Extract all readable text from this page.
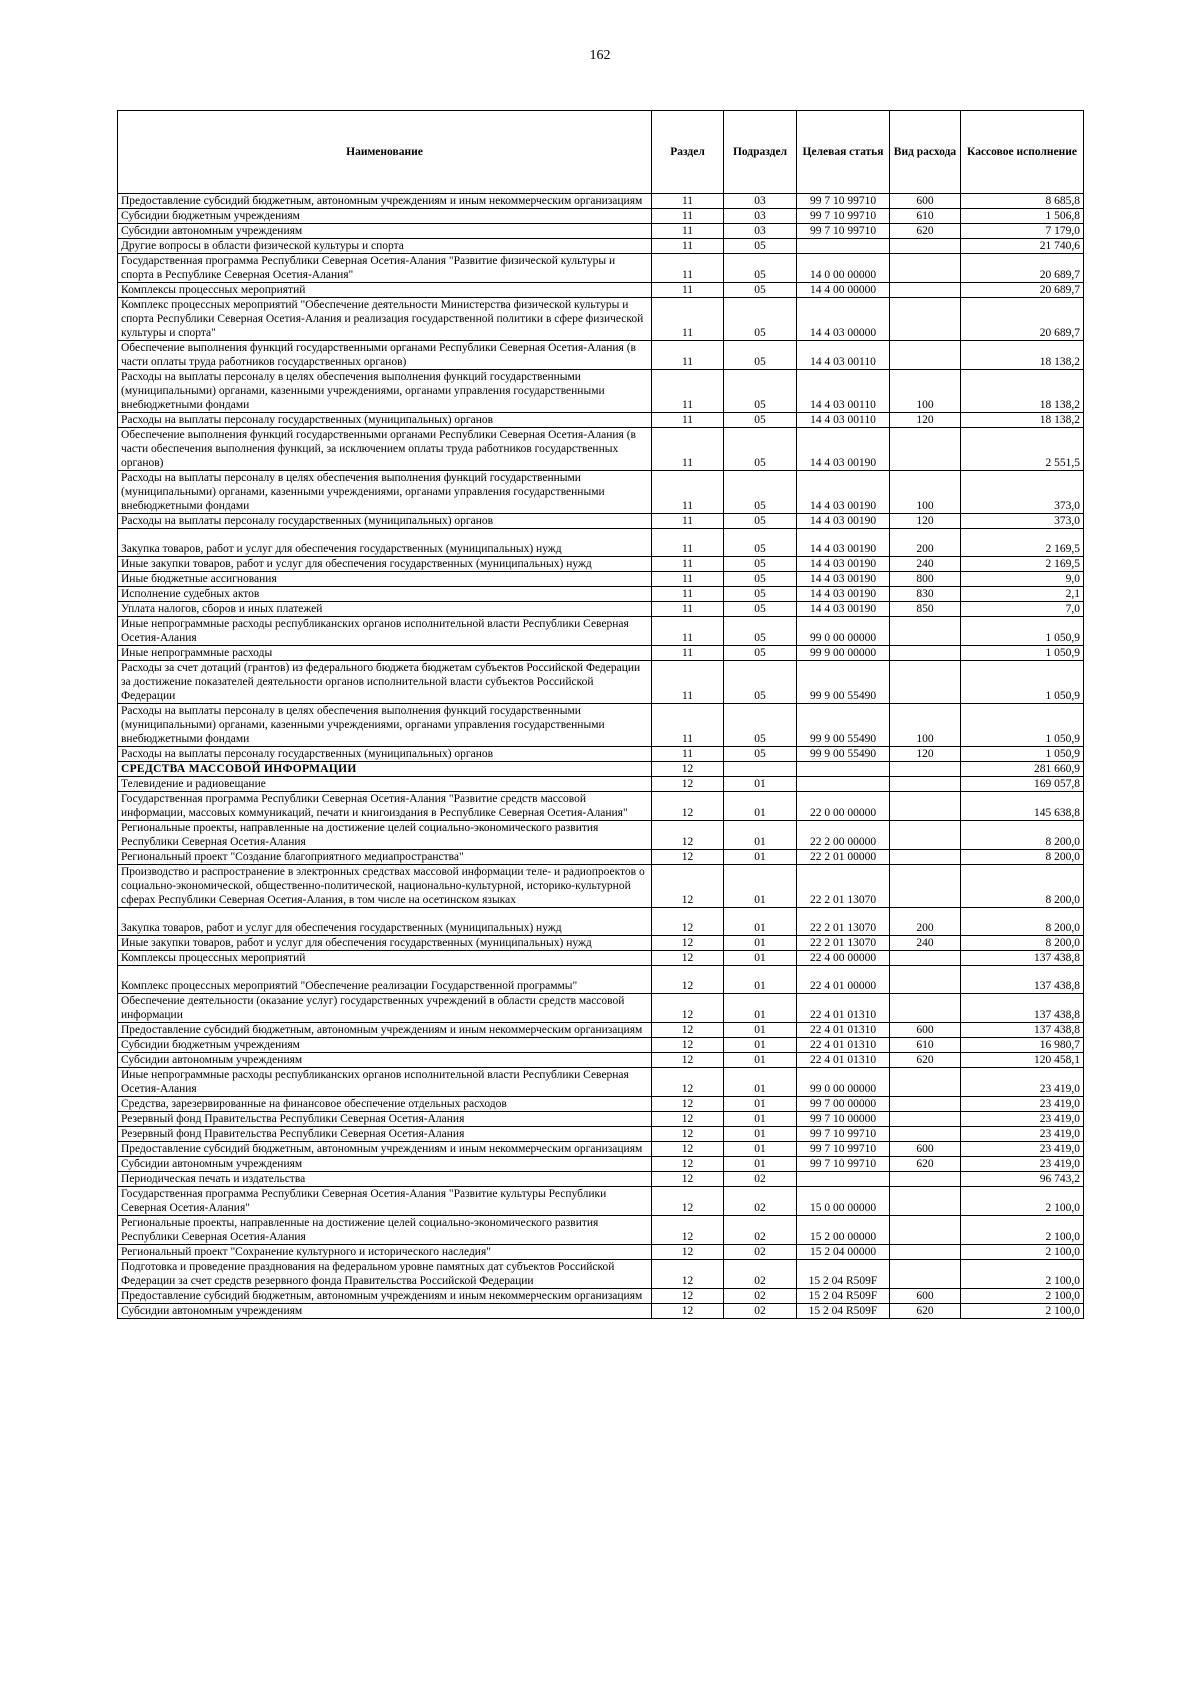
162
Наименование	Раздел	Подраздел	Целевая статья	Вид расхода	Кассовое исполнение
Предоставление субсидий бюджетным, автономным учреждениям и иным некоммерческим организациям	11	03	99 7 10 99710	600	8 685,8
Субсидии бюджетным учреждениям	11	03	99 7 10 99710	610	1 506,8
Субсидии автономным учреждениям	11	03	99 7 10 99710	620	7 179,0
Другие вопросы в области физической культуры и спорта	11	05			21 740,6
Государственная программа Республики Северная Осетия-Алания "Развитие физической культуры и спорта в Республике Северная Осетия-Алания"	11	05	14 0 00 00000		20 689,7
Комплексы процессных мероприятий	11	05	14 4 00 00000		20 689,7
Комплекс процессных мероприятий "Обеспечение деятельности Министерства физической культуры и спорта Республики Северная Осетия-Алания и реализация государственной политики в сфере физической культуры и спорта"	11	05	14 4 03 00000		20 689,7
Обеспечение выполнения функций государственными органами Республики Северная Осетия-Алания (в части оплаты труда работников государственных органов)	11	05	14 4 03 00110		18 138,2
Расходы на выплаты персоналу в целях обеспечения выполнения функций государственными (муниципальными) органами, казенными учреждениями, органами управления государственными внебюджетными фондами	11	05	14 4 03 00110	100	18 138,2
Расходы на выплаты персоналу государственных (муниципальных) органов	11	05	14 4 03 00110	120	18 138,2
Обеспечение выполнения функций государственными органами Республики Северная Осетия-Алания (в части обеспечения выполнения функций, за исключением оплаты труда работников государственных органов)	11	05	14 4 03 00190		2 551,5
Расходы на выплаты персоналу в целях обеспечения выполнения функций государственными (муниципальными) органами, казенными учреждениями, органами управления государственными внебюджетными фондами	11	05	14 4 03 00190	100	373,0
Расходы на выплаты персоналу государственных (муниципальных) органов	11	05	14 4 03 00190	120	373,0
Закупка товаров, работ и услуг для обеспечения государственных (муниципальных) нужд	11	05	14 4 03 00190	200	2 169,5
Иные закупки товаров, работ и услуг для обеспечения государственных (муниципальных) нужд	11	05	14 4 03 00190	240	2 169,5
Иные бюджетные ассигнования	11	05	14 4 03 00190	800	9,0
Исполнение судебных актов	11	05	14 4 03 00190	830	2,1
Уплата налогов, сборов и иных платежей	11	05	14 4 03 00190	850	7,0
Иные непрограммные расходы республиканских органов исполнительной власти Республики Северная Осетия-Алания	11	05	99 0 00 00000		1 050,9
Иные непрограммные расходы	11	05	99 9 00 00000		1 050,9
Расходы за счет дотаций (грантов) из федерального бюджета бюджетам субъектов Российской Федерации за достижение показателей деятельности органов исполнительной власти субъектов Российской Федерации	11	05	99 9 00 55490		1 050,9
Расходы на выплаты персоналу в целях обеспечения выполнения функций государственными (муниципальными) органами, казенными учреждениями, органами управления государственными внебюджетными фондами	11	05	99 9 00 55490	100	1 050,9
Расходы на выплаты персоналу государственных (муниципальных) органов	11	05	99 9 00 55490	120	1 050,9
СРЕДСТВА МАССОВОЙ ИНФОРМАЦИИ	12				281 660,9
Телевидение и радиовещание	12	01			169 057,8
Государственная программа Республики Северная Осетия-Алания "Развитие средств массовой информации, массовых коммуникаций, печати и книгоиздания в Республике Северная Осетия-Алания"	12	01	22 0 00 00000		145 638,8
Региональные проекты, направленные на достижение целей социально-экономического развития Республики Северная Осетия-Алания	12	01	22 2 00 00000		8 200,0
Региональный проект "Создание благоприятного медиапространства"	12	01	22 2 01 00000		8 200,0
Производство и распространение в электронных средствах массовой информации теле- и радиопроектов о социально-экономической, общественно-политической, национально-культурной, историко-культурной сферах Республики Северная Осетия-Алания, в том числе на осетинском языках	12	01	22 2 01 13070		8 200,0
Закупка товаров, работ и услуг для обеспечения государственных (муниципальных) нужд	12	01	22 2 01 13070	200	8 200,0
Иные закупки товаров, работ и услуг для обеспечения государственных (муниципальных) нужд	12	01	22 2 01 13070	240	8 200,0
Комплексы процессных мероприятий	12	01	22 4 00 00000		137 438,8
Комплекс процессных мероприятий "Обеспечение реализации Государственной программы"	12	01	22 4 01 00000		137 438,8
Обеспечение деятельности (оказание услуг) государственных учреждений в области средств массовой информации	12	01	22 4 01 01310		137 438,8
Предоставление субсидий бюджетным, автономным учреждениям и иным некоммерческим организациям	12	01	22 4 01 01310	600	137 438,8
Субсидии бюджетным учреждениям	12	01	22 4 01 01310	610	16 980,7
Субсидии автономным учреждениям	12	01	22 4 01 01310	620	120 458,1
Иные непрограммные расходы республиканских органов исполнительной власти Республики Северная Осетия-Алания	12	01	99 0 00 00000		23 419,0
Средства, зарезервированные на финансовое обеспечение отдельных расходов	12	01	99 7 00 00000		23 419,0
Резервный фонд Правительства Республики Северная Осетия-Алания	12	01	99 7 10 00000		23 419,0
Резервный фонд Правительства Республики Северная Осетия-Алания	12	01	99 7 10 99710		23 419,0
Предоставление субсидий бюджетным, автономным учреждениям и иным некоммерческим организациям	12	01	99 7 10 99710	600	23 419,0
Субсидии автономным учреждениям	12	01	99 7 10 99710	620	23 419,0
Периодическая печать и издательства	12	02			96 743,2
Государственная программа Республики Северная Осетия-Алания "Развитие культуры Республики Северная Осетия-Алания"	12	02	15 0 00 00000		2 100,0
Региональные проекты, направленные на достижение целей социально-экономического развития Республики Северная Осетия-Алания	12	02	15 2 00 00000		2 100,0
Региональный проект "Сохранение культурного и исторического наследия"	12	02	15 2 04 00000		2 100,0
Подготовка и проведение празднования на федеральном уровне памятных дат субъектов Российской Федерации за счет средств резервного фонда Правительства Российской Федерации	12	02	15 2 04 R509F		2 100,0
Предоставление субсидий бюджетным, автономным учреждениям и иным некоммерческим организациям	12	02	15 2 04 R509F	600	2 100,0
Субсидии автономным учреждениям	12	02	15 2 04 R509F	620	2 100,0
